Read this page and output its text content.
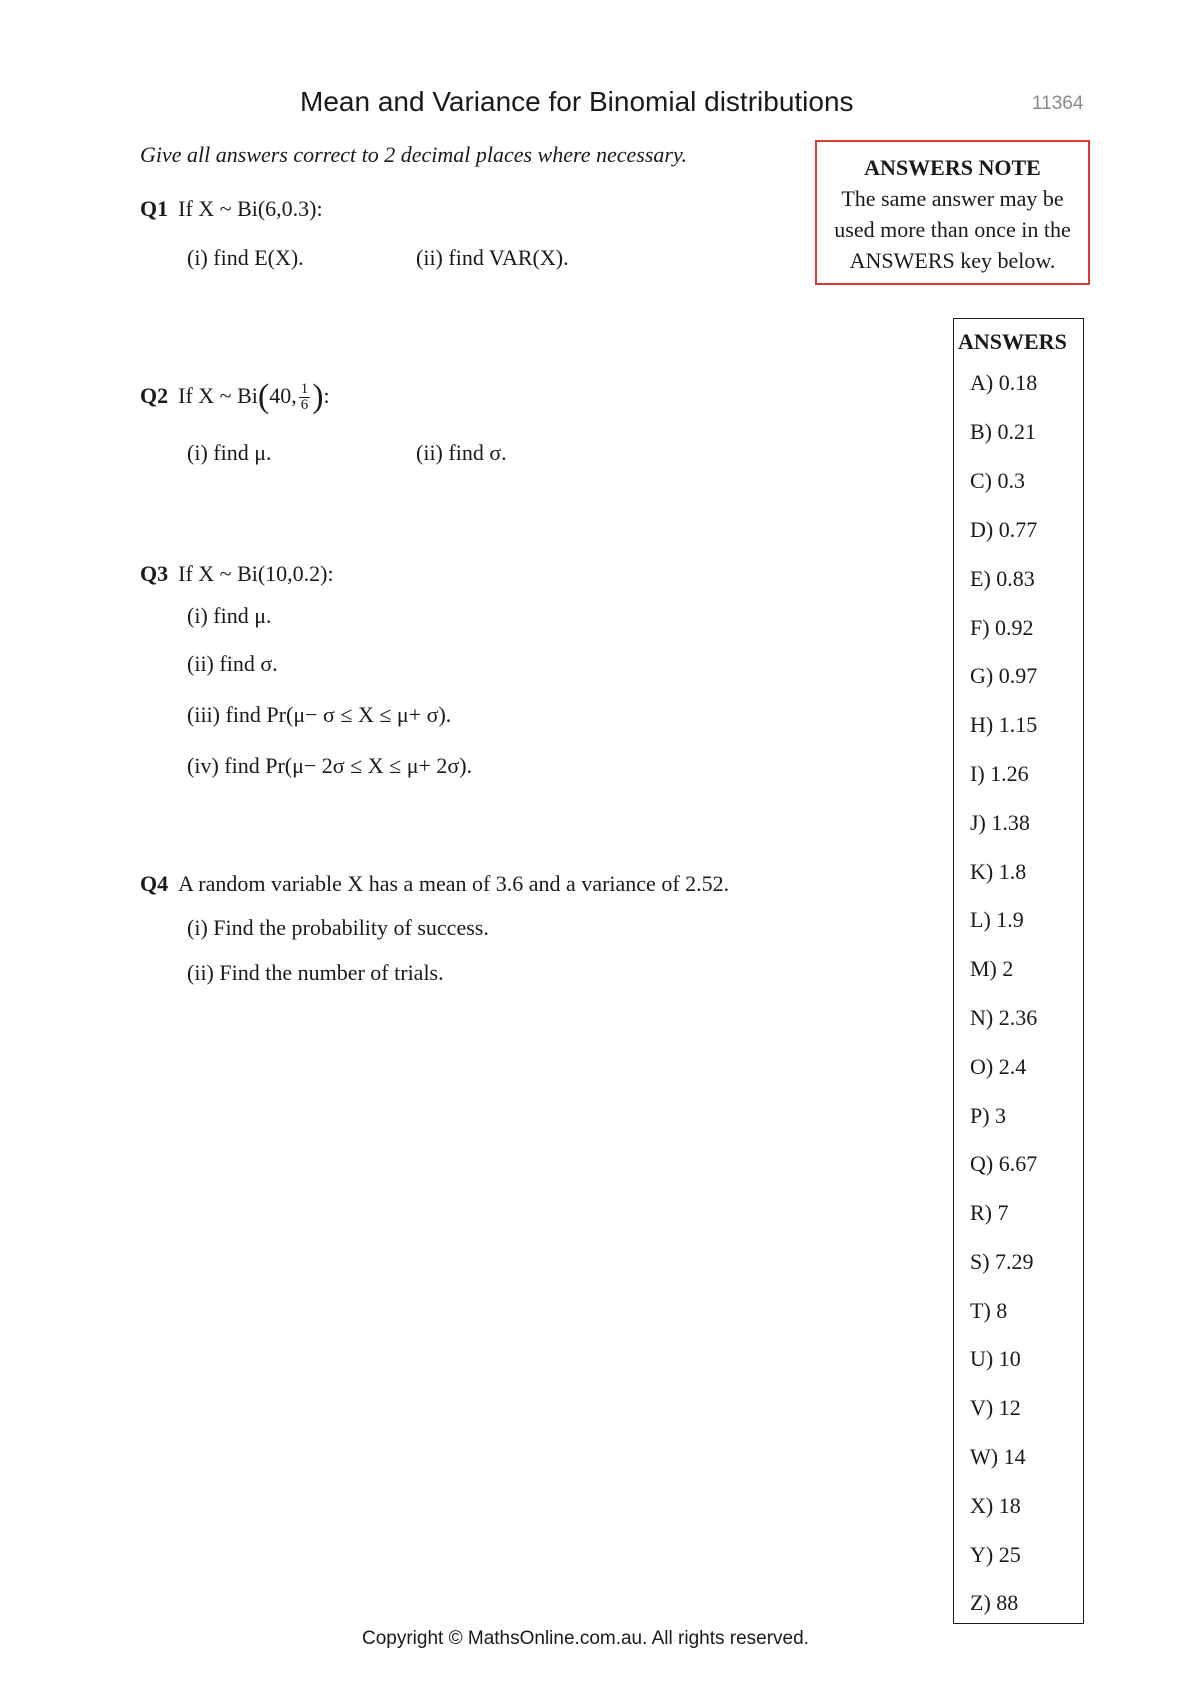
Mean and Variance for Binomial distributions	11364
Give all answers correct to 2 decimal places where necessary.
ANSWERS NOTE
The same answer may be
used more than once in the
ANSWERS key below.
Q1 If X ~ Bi(6,0.3):
(i) find E(X).	(ii) find VAR(X).
Q2 If X ~ Bi(40, $\frac{1}{6}$ ):
(i) find μ.	(ii) find σ.
Q3 If X ~ Bi(10,0.2):
(i) find μ.
(ii) find σ.
(iii) find Pr(μ− σ ≤ X ≤ μ+ σ).
(iv) find Pr(μ− 2σ ≤ X ≤ μ+ 2σ).
Q4 A random variable X has a mean of 3.6 and a variance of 2.52.
(i) Find the probability of success.
(ii) Find the number of trials.
ANSWERS
A) 0.18
B) 0.21
C) 0.3
D) 0.77
E) 0.83
F) 0.92
G) 0.97
H) 1.15
I) 1.26
J) 1.38
K) 1.8
L) 1.9
M) 2
N) 2.36
O) 2.4
P) 3
Q) 6.67
R) 7
S) 7.29
T) 8
U) 10
V) 12
W) 14
X) 18
Y) 25
Z) 88
Copyright © MathsOnline.com.au. All rights reserved.
